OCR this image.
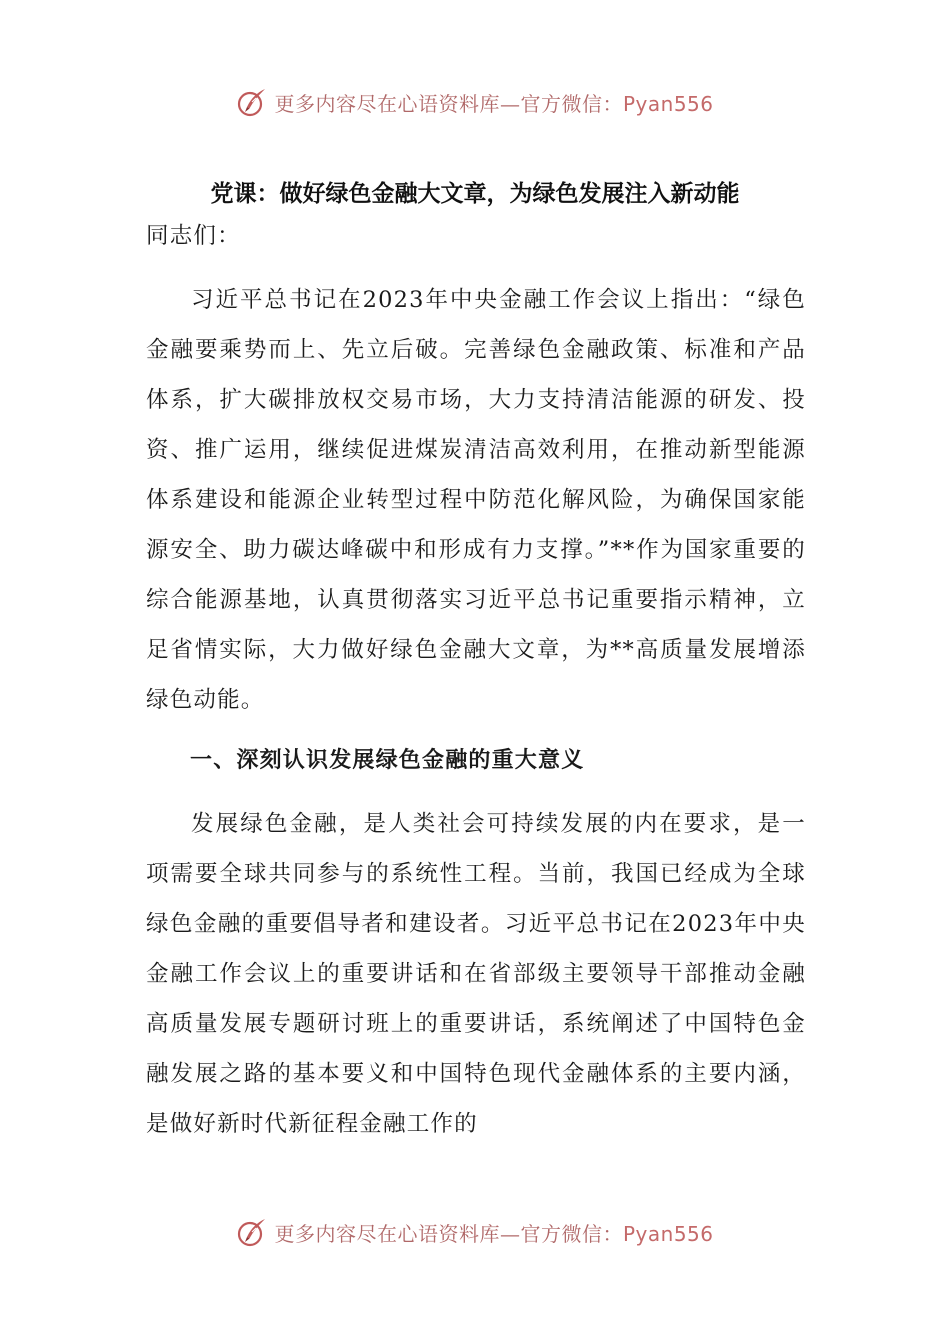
更多内容尽在心语资料库—官方微信：Pyan556
党课：做好绿色金融大文章，为绿色发展注入新动能

同志们：

习近平总书记在2023年中央金融工作会议上指出：“绿色金融要乘势而上、先立后破。完善绿色金融政策、标准和产品体系，扩大碳排放权交易市场，大力支持清洁能源的研发、投资、推广运用，继续促进煤炭清洁高效利用，在推动新型能源体系建设和能源企业转型过程中防范化解风险，为确保国家能源安全、助力碳达峰碳中和形成有力支撑。”**作为国家重要的综合能源基地，认真贯彻落实习近平总书记重要指示精神，立足省情实际，大力做好绿色金融大文章，为**高质量发展增添绿色动能。

一、深刻认识发展绿色金融的重大意义

发展绿色金融，是人类社会可持续发展的内在要求，是一项需要全球共同参与的系统性工程。当前，我国已经成为全球绿色金融的重要倡导者和建设者。习近平总书记在2023年中央金融工作会议上的重要讲话和在省部级主要领导干部推动金融高质量发展专题研讨班上的重要讲话，系统阐述了中国特色金融发展之路的基本要义和中国特色现代金融体系的主要内涵，是做好新时代新征程金融工作的

更多内容尽在心语资料库—官方微信：Pyan556
